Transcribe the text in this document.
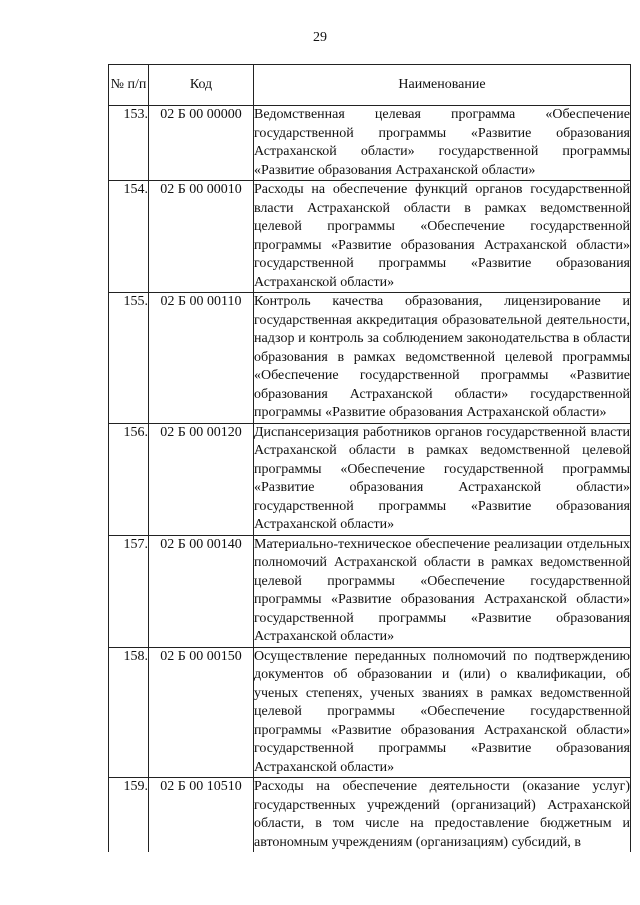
29
№ п/п	Код	Наименование
153.	02 Б 00 00000	Ведомственная целевая программа «Обеспечение государственной программы «Развитие образования Астраханской области» государственной программы «Развитие образования Астраханской области»
154.	02 Б 00 00010	Расходы на обеспечение функций органов государственной власти Астраханской области в рамках ведомственной целевой программы «Обеспечение государственной программы «Развитие образования Астраханской области» государственной программы «Развитие образования Астраханской области»
155.	02 Б 00 00110	Контроль качества образования, лицензирование и государственная аккредитация образовательной деятельности, надзор и контроль за соблюдением законодательства в области образования в рамках ведомственной целевой программы «Обеспечение государственной программы «Развитие образования Астраханской области» государственной программы «Развитие образования Астраханской области»
156.	02 Б 00 00120	Диспансеризация работников органов государственной власти Астраханской области в рамках ведомственной целевой программы «Обеспечение государственной программы «Развитие образования Астраханской области» государственной программы «Развитие образования Астраханской области»
157.	02 Б 00 00140	Материально-техническое обеспечение реализации отдельных полномочий Астраханской области в рамках ведомственной целевой программы «Обеспечение государственной программы «Развитие образования Астраханской области» государственной программы «Развитие образования Астраханской области»
158.	02 Б 00 00150	Осуществление переданных полномочий по подтверждению документов об образовании и (или) о квалификации, об ученых степенях, ученых званиях в рамках ведомственной целевой программы «Обеспечение государственной программы «Развитие образования Астраханской области» государственной программы «Развитие образования Астраханской области»
159.	02 Б 00 10510	Расходы на обеспечение деятельности (оказание услуг) государственных учреждений (организаций) Астраханской области, в том числе на предоставление бюджетным и автономным учреждениям (организациям) субсидий, в
